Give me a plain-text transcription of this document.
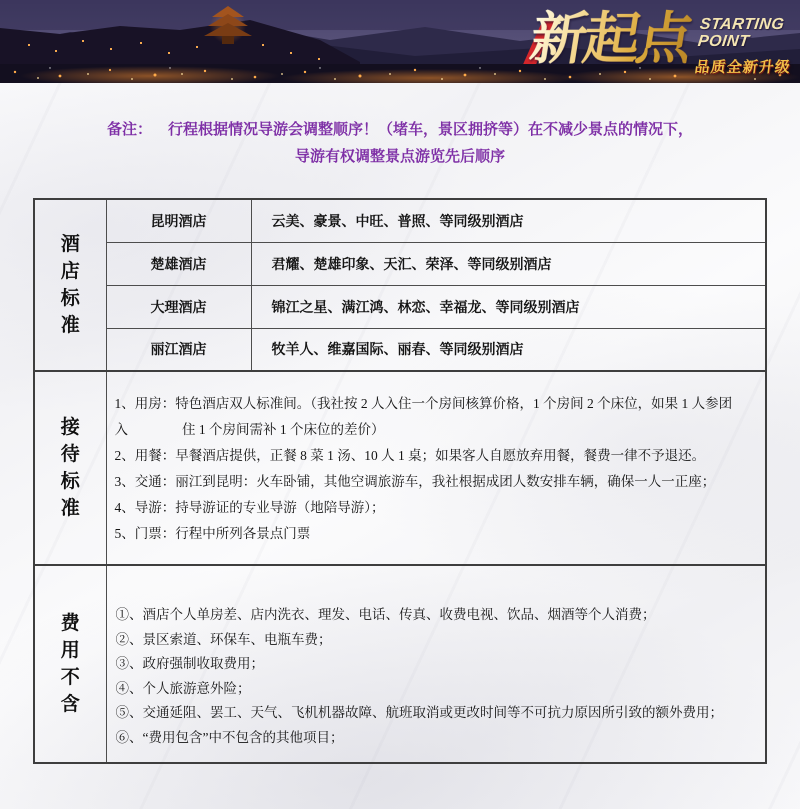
新起点 STARTING
POINT
品质全新升级
备注： 行程根据情况导游会调整顺序！（堵车，景区拥挤等）在不减少景点的情况下，
导游有权调整景点游览先后顺序
酒店标准	昆明酒店	云美、豪景、中旺、普照、等同级别酒店
	楚雄酒店	君耀、楚雄印象、天汇、荣泽、等同级别酒店
	大理酒店	锦江之星、满江鸿、林恋、幸福龙、等同级别酒店
	丽江酒店	牧羊人、维嘉国际、丽春、等同级别酒店

接待标准

1、用房：特色酒店双人标准间。（我社按 2 人入住一个房间核算价格，1 个房间 2 个床位，如果 1 人参团
入　　　　住 1 个房间需补 1 个床位的差价）
2、用餐：早餐酒店提供，正餐 8 菜 1 汤、10 人 1 桌；如果客人自愿放弃用餐，餐费一律不予退还。
3、交通：丽江到昆明：火车卧铺，其他空调旅游车，我社根据成团人数安排车辆，确保一人一正座；
4、导游：持导游证的专业导游（地陪导游）；
5、门票：行程中所列各景点门票

费用不含

①、酒店个人单房差、店内洗衣、理发、电话、传真、收费电视、饮品、烟酒等个人消费；
②、景区索道、环保车、电瓶车费；
③、政府强制收取费用；
④、个人旅游意外险；
⑤、交通延阻、罢工、天气、飞机机器故障、航班取消或更改时间等不可抗力原因所引致的额外费用；
⑥、“费用包含”中不包含的其他项目；
